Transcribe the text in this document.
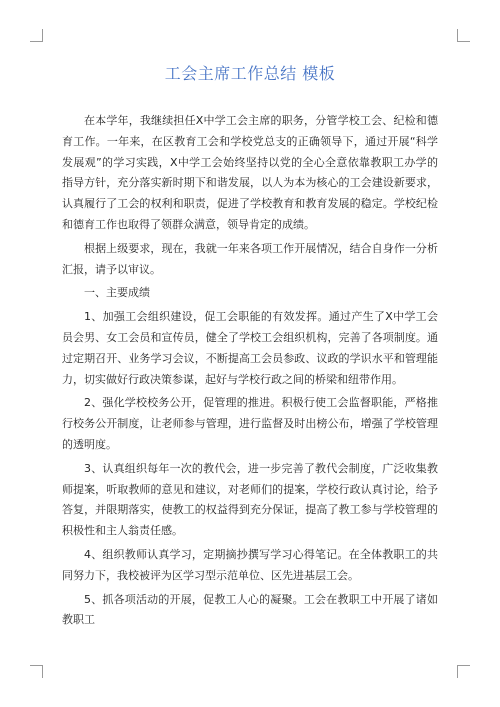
工会主席工作总结 模板

在本学年，我继续担任X中学工会主席的职务，分管学校工会、纪检和德育工作。一年来，在区教育工会和学校党总支的正确领导下，通过开展“科学发展观”的学习实践，X中学工会始终坚持以党的全心全意依靠教职工办学的指导方针，充分落实新时期下和谐发展，以人为本为核心的工会建设新要求，认真履行了工会的权利和职责，促进了学校教育和教育发展的稳定。学校纪检和德育工作也取得了领群众满意，领导肯定的成绩。

根据上级要求，现在，我就一年来各项工作开展情况，结合自身作一分析汇报，请予以审议。

一、主要成绩

1、加强工会组织建设，促工会职能的有效发挥。通过产生了X中学工会员会男、女工会员和宣传员，健全了学校工会组织机构，完善了各项制度。通过定期召开、业务学习会议，不断提高工会员参政、议政的学识水平和管理能力，切实做好行政决策参谋，起好与学校行政之间的桥梁和纽带作用。

2、强化学校校务公开，促管理的推进。积极行使工会监督职能，严格推行校务公开制度，让老师参与管理，进行监督及时出榜公布，增强了学校管理的透明度。

3、认真组织每年一次的教代会，进一步完善了教代会制度，广泛收集教师提案，听取教师的意见和建议，对老师们的提案，学校行政认真讨论，给予答复，并限期落实，使教工的权益得到充分保证，提高了教工参与学校管理的积极性和主人翁责任感。

4、组织教师认真学习，定期摘抄撰写学习心得笔记。在全体教职工的共同努力下，我校被评为区学习型示范单位、区先进基层工会。

5、抓各项活动的开展，促教工人心的凝聚。工会在教职工中开展了诸如教职工
